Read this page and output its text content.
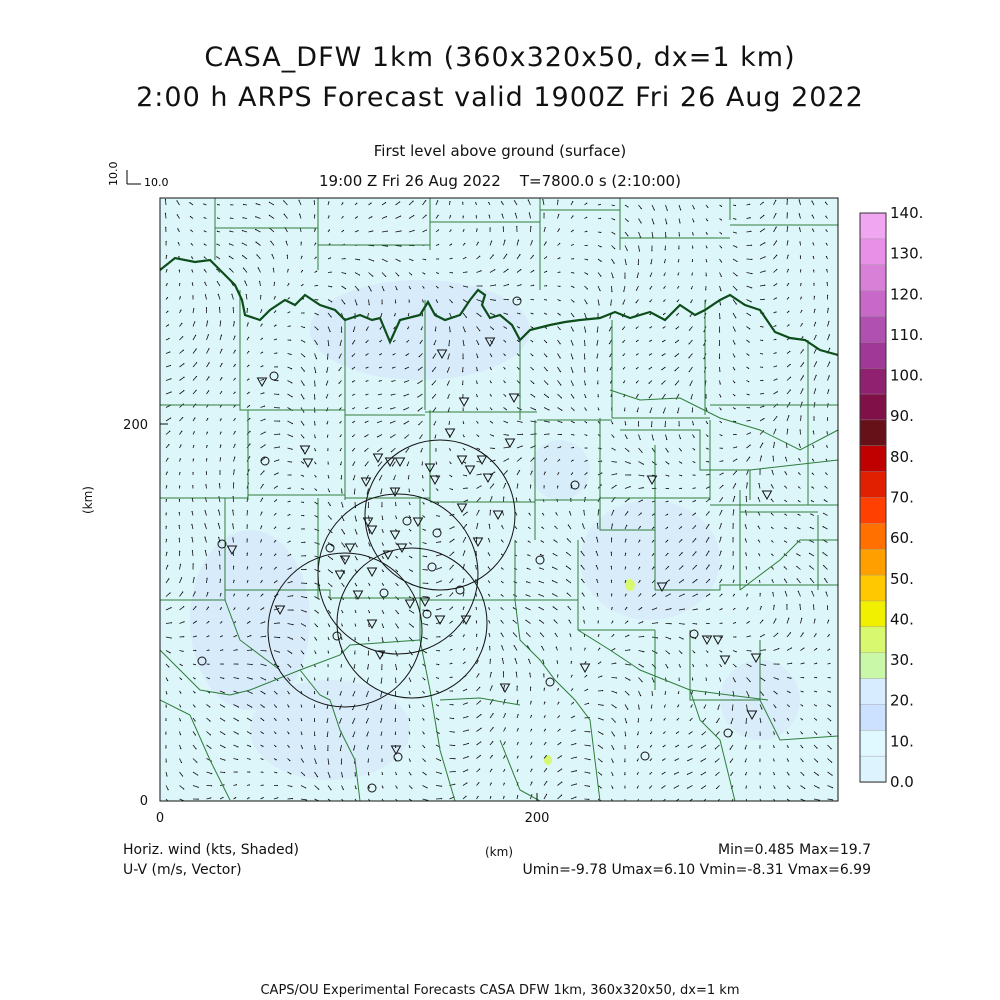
CASA_DFW 1km (360x320x50, dx=1 km)
2:00 h ARPS Forecast valid 1900Z Fri 26 Aug 2022
First level above ground (surface)
19:00 Z Fri 26 Aug 2022 T=7800.0 s (2:10:00)
10.0 10.0
0
200
0	200
(km)
140.
130.
120.
110.
100.
90.
80.
70.
60.
50.
40.
30.
20.
10.
0.0
Horiz. wind (kts, Shaded)
U-V (m/s, Vector)
(km)	Min=0.485 Max=19.7
Umin=-9.78 Umax=6.10 Vmin=-8.31 Vmax=6.99
CAPS/OU Experimental Forecasts CASA DFW 1km, 360x320x50, dx=1 km
